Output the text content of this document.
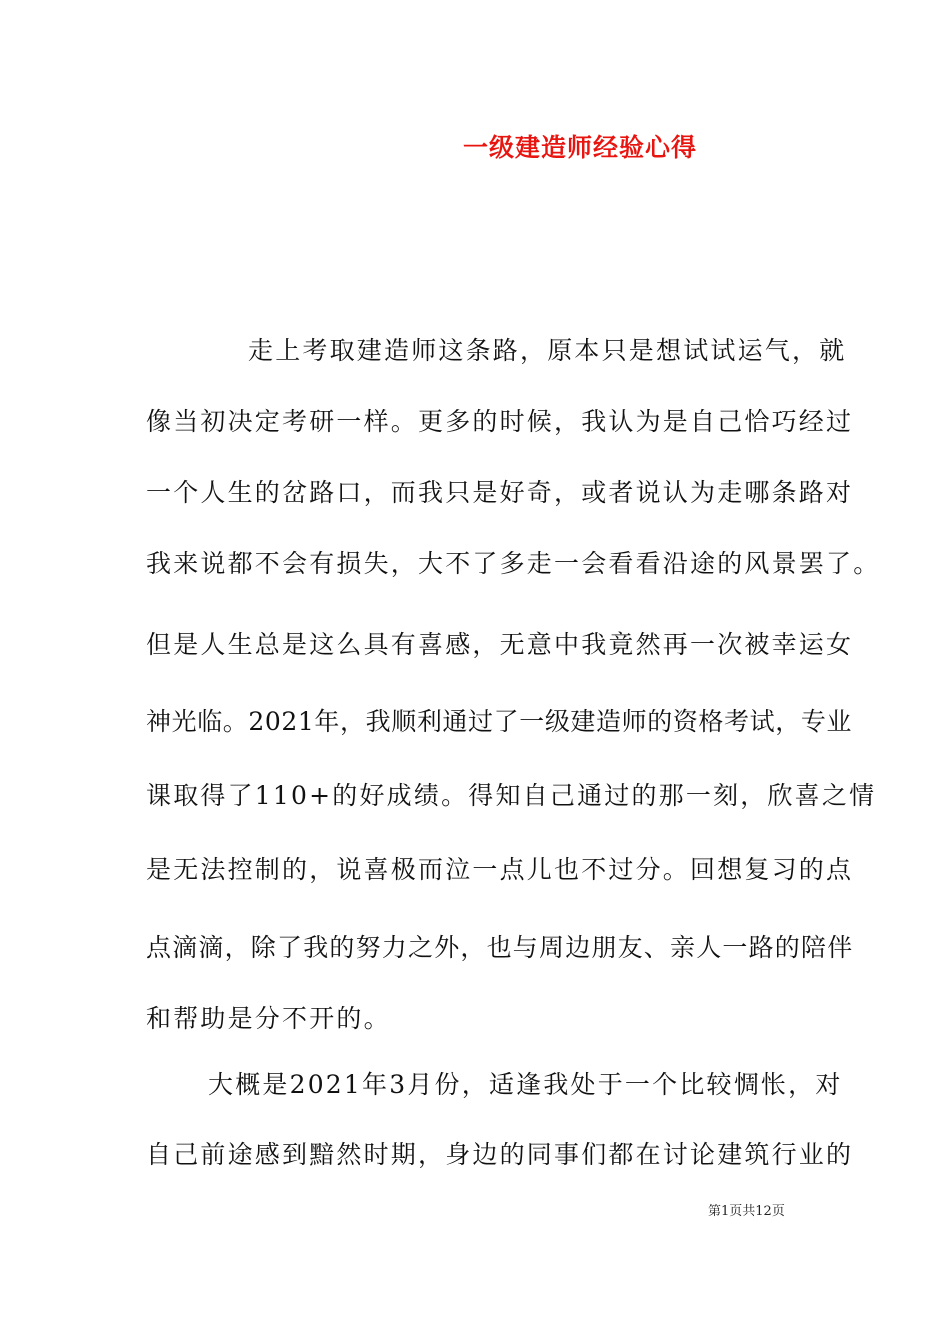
一级建造师经验心得
走上考取建造师这条路，原本只是想试试运气，就
像当初决定考研一样。更多的时候，我认为是自己恰巧经过
一个人生的岔路口，而我只是好奇，或者说认为走哪条路对
我来说都不会有损失，大不了多走一会看看沿途的风景罢了。
但是人生总是这么具有喜感，无意中我竟然再一次被幸运女
神光临。2021年，我顺利通过了一级建造师的资格考试，专业
课取得了110+的好成绩。得知自己通过的那一刻，欣喜之情
是无法控制的，说喜极而泣一点儿也不过分。回想复习的点
点滴滴，除了我的努力之外，也与周边朋友、亲人一路的陪伴
和帮助是分不开的。
大概是2021年3月份，适逢我处于一个比较惆怅，对
自己前途感到黯然时期，身边的同事们都在讨论建筑行业的
第1页共12页
